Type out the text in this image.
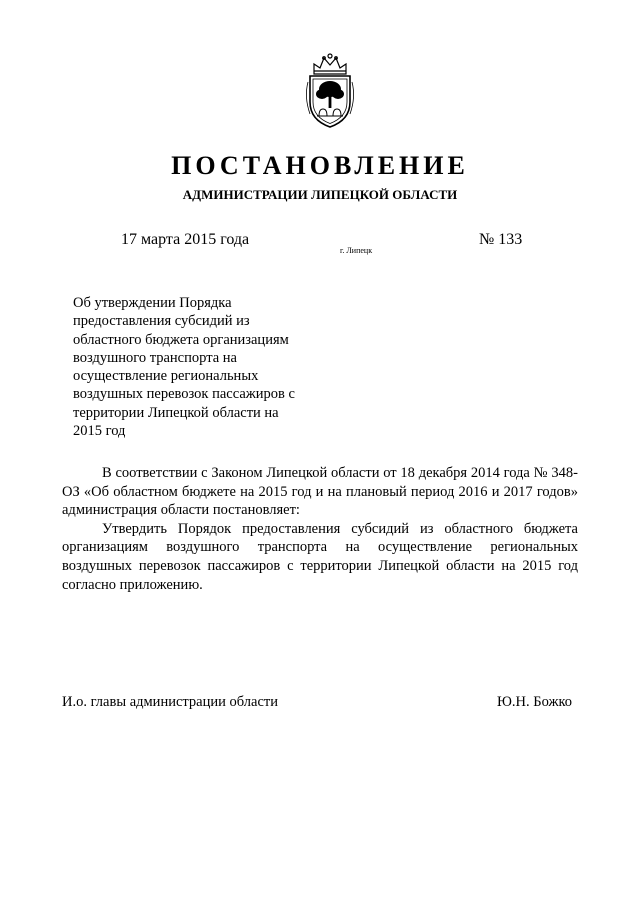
ПОСТАНОВЛЕНИЕ
АДМИНИСТРАЦИИ ЛИПЕЦКОЙ ОБЛАСТИ
17 марта 2015 года
г. Липецк
№ 133
Об утверждении Порядка
предоставления субсидий из
областного бюджета организациям
воздушного транспорта на
осуществление региональных
воздушных перевозок пассажиров с
территории Липецкой области на
2015 год

В соответствии с Законом Липецкой области от 18 декабря 2014 года № 348-ОЗ «Об областном бюджете на 2015 год и на плановый период 2016 и 2017 годов» администрация области постановляет:

Утвердить Порядок предоставления субсидий из областного бюджета организациям воздушного транспорта на осуществление региональных воздушных перевозок пассажиров с территории Липецкой области на 2015 год согласно приложению.

И.о. главы администрации области	Ю.Н. Божко
